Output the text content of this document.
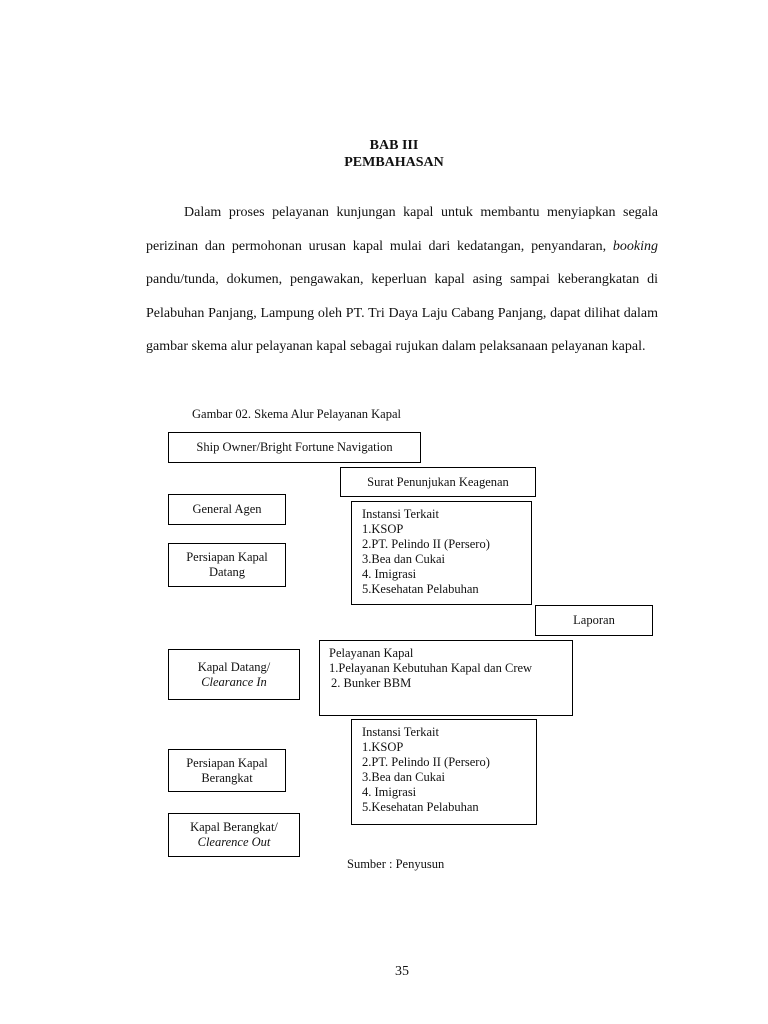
BAB III
PEMBAHASAN
Dalam proses pelayanan kunjungan kapal untuk membantu menyiapkan segala perizinan dan permohonan urusan kapal mulai dari kedatangan, penyandaran, booking pandu/tunda, dokumen, pengawakan, keperluan kapal asing sampai keberangkatan di Pelabuhan Panjang, Lampung oleh PT. Tri Daya Laju Cabang Panjang, dapat dilihat dalam gambar skema alur pelayanan kapal sebagai rujukan dalam pelaksanaan pelayanan kapal.
Gambar 02. Skema Alur Pelayanan Kapal
Ship Owner/Bright Fortune Navigation
Surat Penunjukan Keagenan
General Agen	Instansi Terkait
1.KSOP
2.PT. Pelindo II (Persero)
3.Bea dan Cukai
4. Imigrasi
5.Kesehatan Pelabuhan
Persiapan Kapal
Datang
Laporan
Pelayanan Kapal
1.Pelayanan Kebutuhan Kapal dan Crew
2. Bunker BBM
Kapal Datang/
Clearance In
Instansi Terkait
1.KSOP
2.PT. Pelindo II (Persero)
3.Bea dan Cukai
4. Imigrasi
5.Kesehatan Pelabuhan
Persiapan Kapal
Berangkat
Kapal Berangkat/
Clearence Out
Sumber : Penyusun
35
